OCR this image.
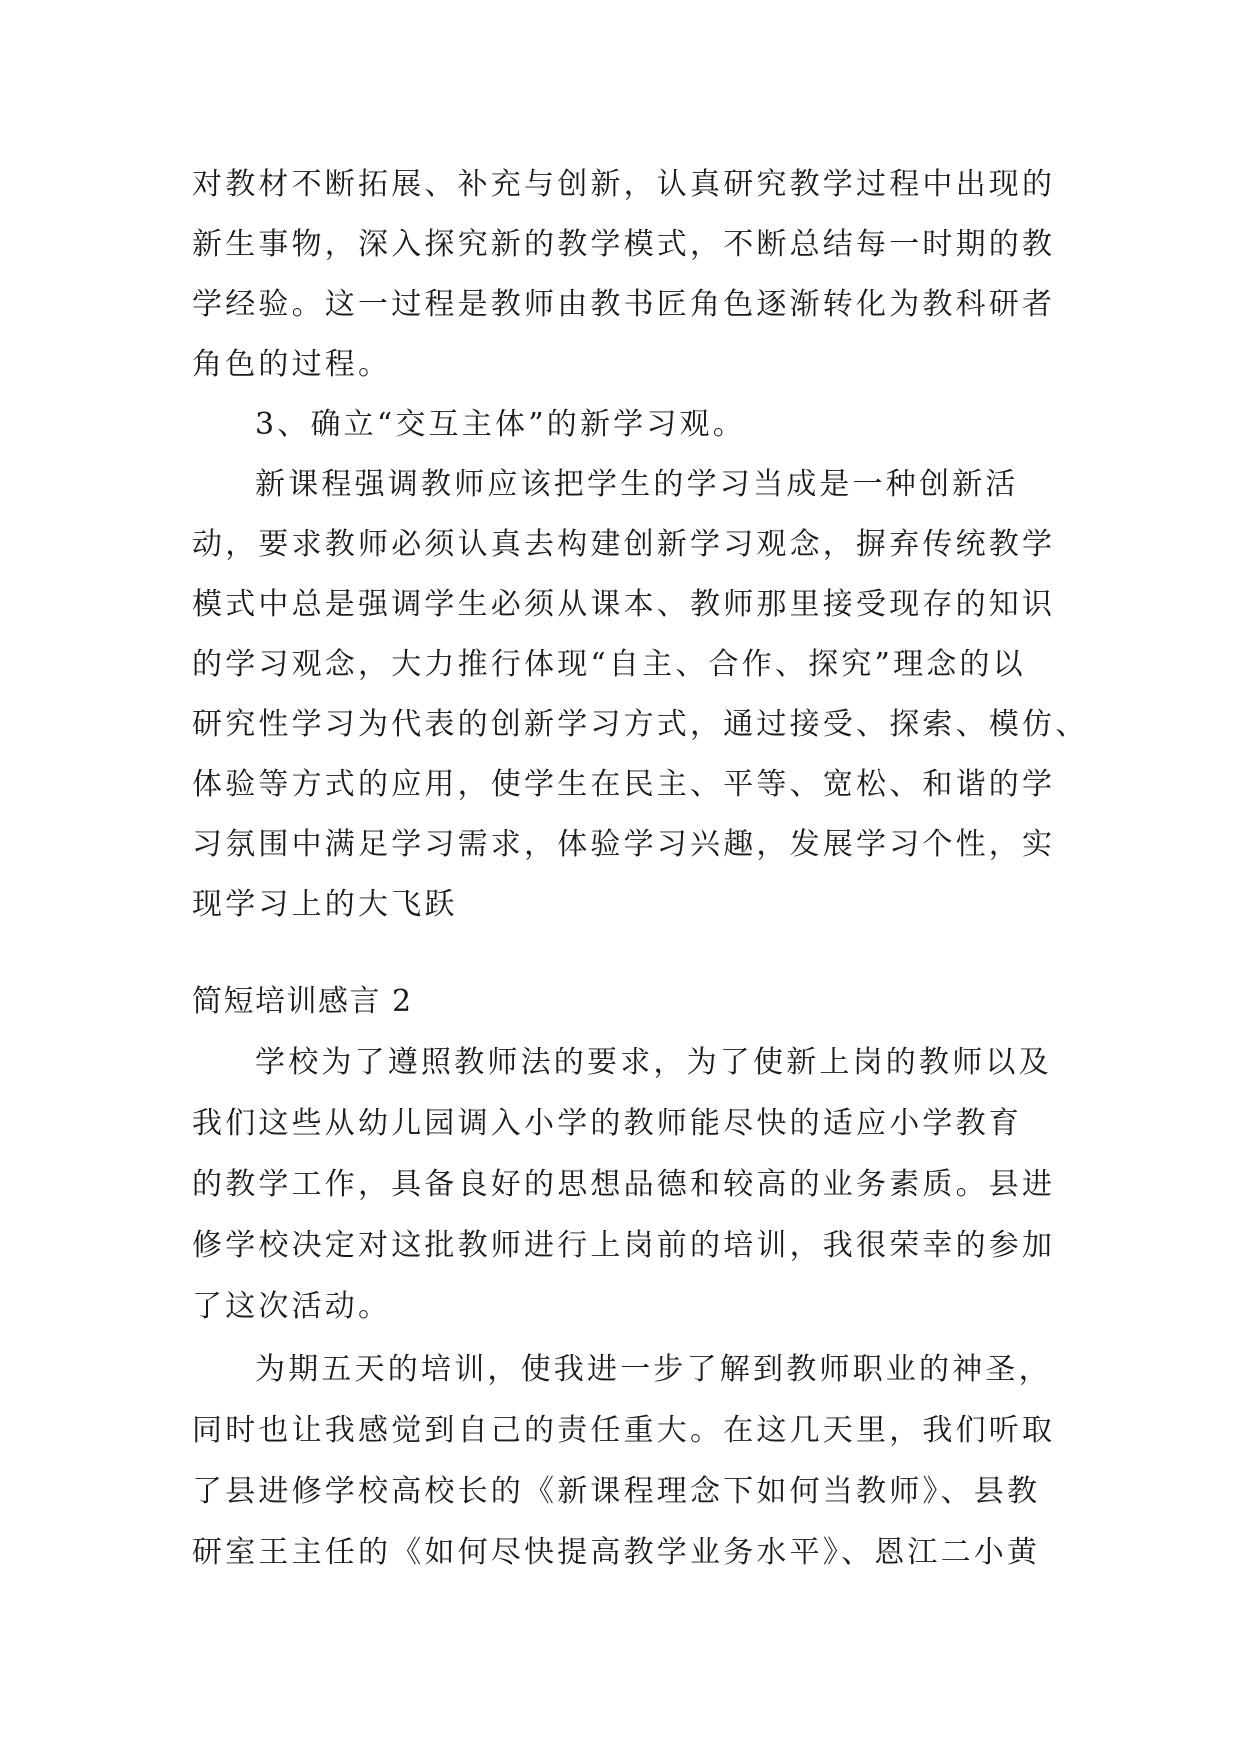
对教材不断拓展、补充与创新，认真研究教学过程中出现的
新生事物，深入探究新的教学模式，不断总结每一时期的教
学经验。这一过程是教师由教书匠角色逐渐转化为教科研者
角色的过程。
3、确立“交互主体”的新学习观。
新课程强调教师应该把学生的学习当成是一种创新活
动，要求教师必须认真去构建创新学习观念，摒弃传统教学
模式中总是强调学生必须从课本、教师那里接受现存的知识
的学习观念，大力推行体现“自主、合作、探究”理念的以
研究性学习为代表的创新学习方式，通过接受、探索、模仿、
体验等方式的应用，使学生在民主、平等、宽松、和谐的学
习氛围中满足学习需求，体验学习兴趣，发展学习个性，实
现学习上的大飞跃
简短培训感言 2
学校为了遵照教师法的要求，为了使新上岗的教师以及
我们这些从幼儿园调入小学的教师能尽快的适应小学教育
的教学工作，具备良好的思想品德和较高的业务素质。县进
修学校决定对这批教师进行上岗前的培训，我很荣幸的参加
了这次活动。
为期五天的培训，使我进一步了解到教师职业的神圣，
同时也让我感觉到自己的责任重大。在这几天里，我们听取
了县进修学校高校长的《新课程理念下如何当教师》、县教
研室王主任的《如何尽快提高教学业务水平》、恩江二小黄
